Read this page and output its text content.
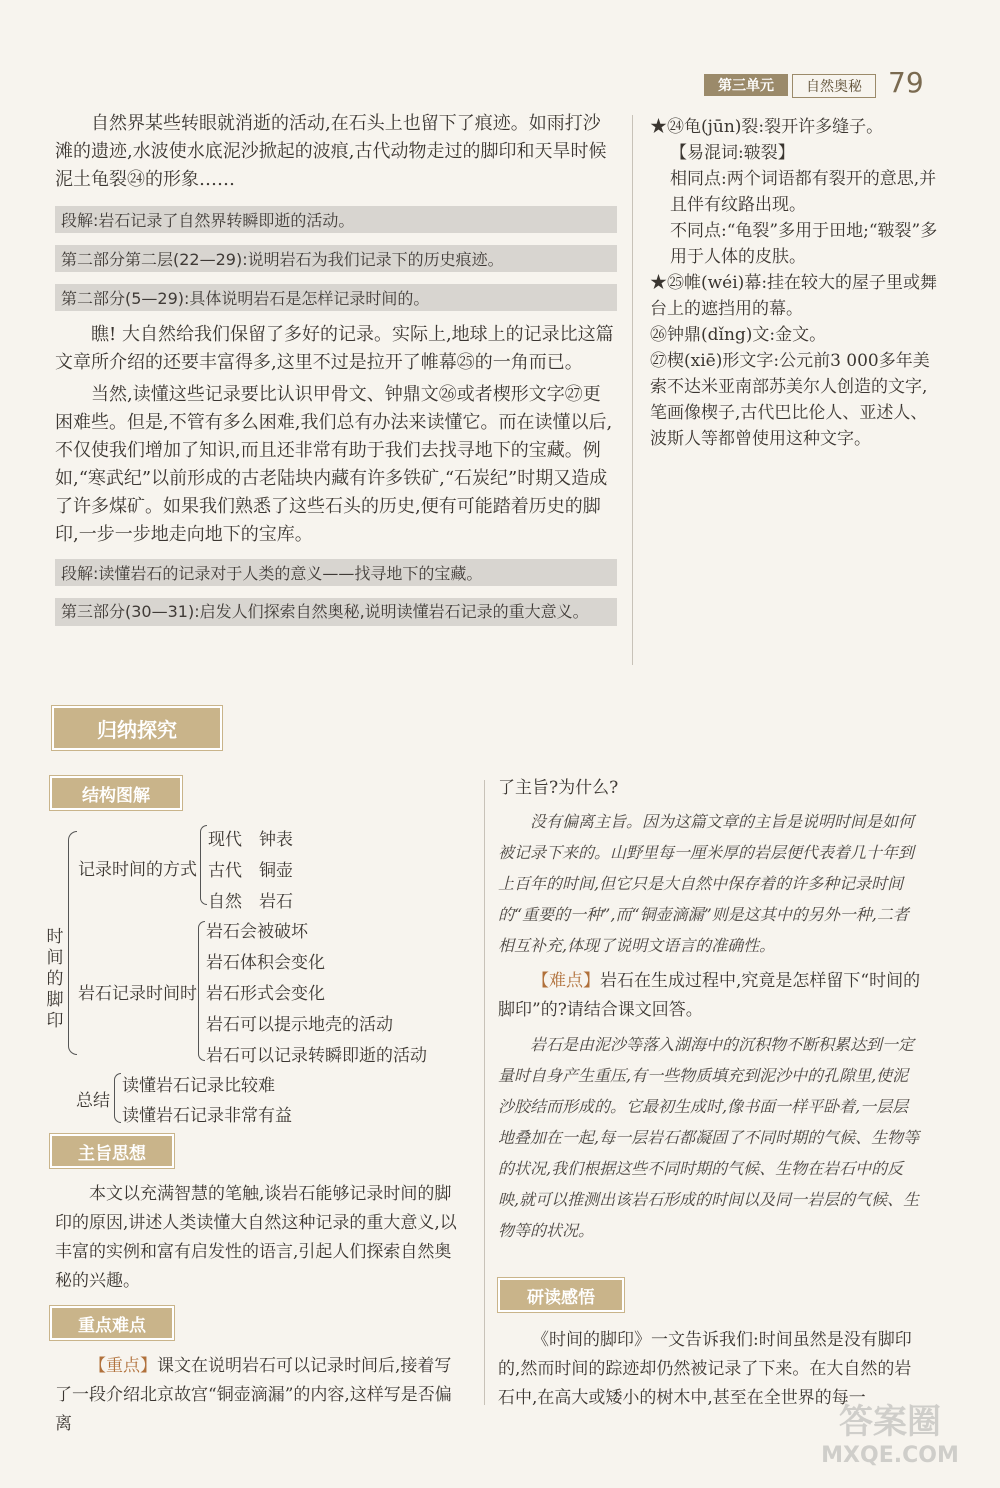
第三单元	自然奥秘 79
自然界某些转眼就消逝的活动,在石头上也留下了痕迹。如雨打沙滩的遗迹,水波使水底泥沙掀起的波痕,古代动物走过的脚印和天旱时候泥土龟裂㉔的形象……
段解:岩石记录了自然界转瞬即逝的活动。
第二部分第二层(22—29):说明岩石为我们记录下的历史痕迹。
第二部分(5—29):具体说明岩石是怎样记录时间的。
瞧! 大自然给我们保留了多好的记录。实际上,地球上的记录比这篇文章所介绍的还要丰富得多,这里不过是拉开了帷幕㉕的一角而已。
当然,读懂这些记录要比认识甲骨文、钟鼎文㉖或者楔形文字㉗更困难些。但是,不管有多么困难,我们总有办法来读懂它。而在读懂以后,不仅使我们增加了知识,而且还非常有助于我们去找寻地下的宝藏。例如,“寒武纪”以前形成的古老陆块内藏有许多铁矿,“石炭纪”时期又造成了许多煤矿。如果我们熟悉了这些石头的历史,便有可能踏着历史的脚印,一步一步地走向地下的宝库。
段解:读懂岩石的记录对于人类的意义——找寻地下的宝藏。
第三部分(30—31):启发人们探索自然奥秘,说明读懂岩石记录的重大意义。
★㉔龟(jūn)裂:裂开许多缝子。
【易混词:皲裂】
相同点:两个词语都有裂开的意思,并且伴有纹路出现。
不同点:“龟裂”多用于田地;“皲裂”多用于人体的皮肤。
★㉕帷(wéi)幕:挂在较大的屋子里或舞台上的遮挡用的幕。
㉖钟鼎(dǐng)文:金文。
㉗楔(xiē)形文字:公元前3 000多年美索不达米亚南部苏美尔人创造的文字,笔画像楔子,古代巴比伦人、亚述人、波斯人等都曾使用这种文字。
归纳探究
结构图解
时
间
的
脚
印
记录时间的方式
现代　钟表
古代　铜壶
自然　岩石
岩石记录时间时
岩石会被破坏
岩石体积会变化
岩石形式会变化
岩石可以提示地壳的活动
岩石可以记录转瞬即逝的活动
总结
读懂岩石记录比较难
读懂岩石记录非常有益
主旨思想
本文以充满智慧的笔触,谈岩石能够记录时间的脚印的原因,讲述人类读懂大自然这种记录的重大意义,以丰富的实例和富有启发性的语言,引起人们探索自然奥秘的兴趣。
重点难点
【重点】课文在说明岩石可以记录时间后,接着写了一段介绍北京故宫“铜壶滴漏”的内容,这样写是否偏离
了主旨?为什么?
没有偏离主旨。因为这篇文章的主旨是说明时间是如何被记录下来的。山野里每一厘米厚的岩层便代表着几十年到上百年的时间,但它只是大自然中保存着的许多种记录时间的“重要的一种”,而“铜壶滴漏”则是这其中的另外一种,二者相互补充,体现了说明文语言的准确性。
【难点】岩石在生成过程中,究竟是怎样留下“时间的脚印”的?请结合课文回答。
岩石是由泥沙等落入湖海中的沉积物不断积累达到一定量时自身产生重压,有一些物质填充到泥沙中的孔隙里,使泥沙胶结而形成的。它最初生成时,像书面一样平卧着,一层层地叠加在一起,每一层岩石都凝固了不同时期的气候、生物等的状况,我们根据这些不同时期的气候、生物在岩石中的反映,就可以推测出该岩石形成的时间以及同一岩层的气候、生物等的状况。
研读感悟
《时间的脚印》一文告诉我们:时间虽然是没有脚印的,然而时间的踪迹却仍然被记录了下来。在大自然的岩石中,在高大或矮小的树木中,甚至在全世界的每一
答案圈
MXQE.COM
